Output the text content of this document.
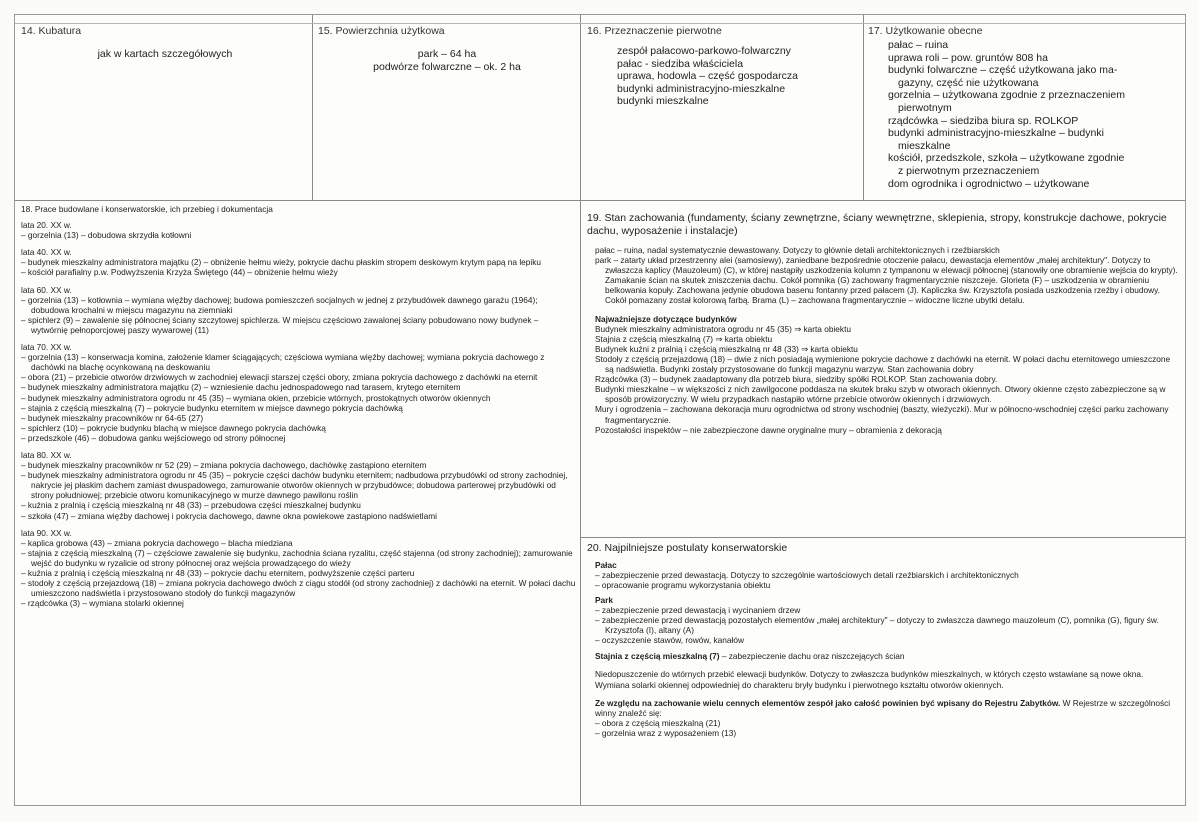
14. Kubatura
jak w kartach szczegółowych
15. Powierzchnia użytkowa
park – 64 ha
podwórze folwarczne – ok. 2 ha
16. Przeznaczenie pierwotne
zespół pałacowo-parkowo-folwarczny
pałac - siedziba właściciela
uprawa, hodowla – część gospodarcza
budynki administracyjno-mieszkalne
budynki mieszkalne
17. Użytkowanie obecne
pałac – ruina
uprawa roli – pow. gruntów 808 ha
budynki folwarczne – część użytkowana jako ma-
gazyny, część nie użytkowana
gorzelnia – użytkowana zgodnie z przeznaczeniem
pierwotnym
rządcówka – siedziba biura sp. ROLKOP
budynki administracyjno-mieszkalne – budynki
mieszkalne
kościół, przedszkole, szkoła – użytkowane zgodnie
z pierwotnym przeznaczeniem
dom ogrodnika i ogrodnictwo – użytkowane
18. Prace budowlane i konserwatorskie, ich przebieg i dokumentacja
lata 20. XX w.

– gorzelnia (13) – dobudowa skrzydła kotłowni

lata 40. XX w.

– budynek mieszkalny administratora majątku (2) – obniżenie hełmu wieży, pokrycie dachu płaskim stropem deskowym krytym papą na lepiku

– kościół parafialny p.w. Podwyższenia Krzyża Świętego (44) – obniżenie hełmu wieży

lata 60. XX w.

– gorzelnia (13) – kotłownia – wymiana więźby dachowej; budowa pomieszczeń socjalnych w jednej z przybudówek dawnego garażu (1964); dobudowa krochalni w miejscu magazynu na ziemniaki

– spichlerz (9) – zawalenie się północnej ściany szczytowej spichlerza. W miejscu częściowo zawalonej ściany pobudowano nowy budynek – wytwórnię pełnoporcjowej paszy wywarowej (11)

lata 70. XX w.

– gorzelnia (13) – konserwacja komina, założenie klamer ściągających; częściowa wymiana więźby dachowej; wymiana pokrycia dachowego z dachówki na blachę ocynkowaną na deskowaniu

– obora (21) – przebicie otworów drzwiowych w zachodniej elewacji starszej części obory, zmiana pokrycia dachowego z dachówki na eternit

– budynek mieszkalny administratora majątku (2) – wzniesienie dachu jednospadowego nad tarasem, krytego eternitem

– budynek mieszkalny administratora ogrodu nr 45 (35) – wymiana okien, przebicie wtórnych, prostokątnych otworów okiennych

– stajnia z częścią mieszkalną (7) – pokrycie budynku eternitem w miejsce dawnego pokrycia dachówką

– budynek mieszkalny pracowników nr 64-65 (27)

– spichlerz (10) – pokrycie budynku blachą w miejsce dawnego pokrycia dachówką

– przedszkole (46) – dobudowa ganku wejściowego od strony północnej

lata 80. XX w.

– budynek mieszkalny pracowników nr 52 (29) – zmiana pokrycia dachowego, dachówkę zastąpiono eternitem

– budynek mieszkalny administratora ogrodu nr 45 (35) – pokrycie części dachów budynku eternitem; nadbudowa przybudówki od strony zachodniej, nakrycie jej płaskim dachem zamiast dwuspadowego, zamurowanie otworów okiennych w przybudówce; dobudowa parterowej przybudówki od strony południowej; przebicie otworu komunikacyjnego w murze dawnego pawilonu roślin

– kuźnia z pralnią i częścią mieszkalną nr 48 (33) – przebudowa części mieszkalnej budynku

– szkoła (47) – zmiana więźby dachowej i pokrycia dachowego, dawne okna powiekowe zastąpiono nadświetlami

lata 90. XX w.

– kaplica grobowa (43) – zmiana pokrycia dachowego – blacha miedziana

– stajnia z częścią mieszkalną (7) – częściowe zawalenie się budynku, zachodnia ściana ryzalitu, część stajenna (od strony zachodniej); zamurowanie wejść do budynku w ryzalicie od strony północnej oraz wejścia prowadzącego do wieży

– kuźnia z pralnią i częścią mieszkalną nr 48 (33) – pokrycie dachu eternitem, podwyższenie części parteru

– stodoły z częścią przejazdową (18) – zmiana pokrycia dachowego dwóch z ciągu stodół (od strony zachodniej) z dachówki na eternit. W połaci dachu umieszczono nadświetla i przystosowano stodoły do funkcji magazynów

– rządcówka (3) – wymiana stolarki okiennej

19. Stan zachowania (fundamenty, ściany zewnętrzne, ściany wewnętrzne, sklepienia, stropy, konstrukcje dachowe, pokrycie dachu, wyposażenie i instalacje)

pałac – ruina, nadal systematycznie dewastowany. Dotyczy to głównie detali architektonicznych i rzeźbiarskich

park – zatarty układ przestrzenny alei (samosiewy), zaniedbane bezpośrednie otoczenie pałacu, dewastacja elementów „małej architektury". Dotyczy to zwłaszcza kaplicy (Mauzoleum) (C), w której nastąpiły uszkodzenia kolumn z tympanonu w elewacji północnej (stanowiły one obramienie wejścia do krypty). Zamakanie ścian na skutek zniszczenia dachu. Cokół pomnika (G) zachowany fragmentarycznie niszczeje. Glorieta (F) – uszkodzenia w obramieniu belkowania kopuły. Zachowana jedynie obudowa basenu fontanny przed pałacem (J). Kapliczka św. Krzysztofa posiada uszkodzenia rzeźby i obudowy. Cokół pomazany został kolorową farbą. Brama (L) – zachowana fragmentarycznie – widoczne liczne ubytki detalu.

Najważniejsze dotyczące budynków

Budynek mieszkalny administratora ogrodu nr 45 (35) ⇒ karta obiektu

Stajnia z częścią mieszkalną (7) ⇒ karta obiektu

Budynek kuźni z pralnią i częścią mieszkalną nr 48 (33) ⇒ karta obiektu

Stodoły z częścią przejazdową (18) – dwie z nich posiadają wymienione pokrycie dachowe z dachówki na eternit. W połaci dachu eternitowego umieszczone są nadświetla. Budynki zostały przystosowane do funkcji magazynu warzyw. Stan zachowania dobry

Rządcówka (3) – budynek zaadaptowany dla potrzeb biura, siedziby spółki ROLKOP. Stan zachowania dobry.

Budynki mieszkalne – w większości z nich zawilgocone poddasza na skutek braku szyb w otworach okiennych. Otwory okienne często zabezpieczone są w sposób prowizoryczny. W wielu przypadkach nastąpiło wtórne przebicie otworów okiennych i drzwiowych.

Mury i ogrodzenia – zachowana dekoracja muru ogrodnictwa od strony wschodniej (baszty, wieżyczki). Mur w północno-wschodniej części parku zachowany fragmentarycznie.

Pozostałości inspektów – nie zabezpieczone dawne oryginalne mury – obramienia z dekoracją

20. Najpilniejsze postulaty konserwatorskie
Pałac

– zabezpieczenie przed dewastacją. Dotyczy to szczególnie wartościowych detali rzeźbiarskich i architektonicznych

– opracowanie programu wykorzystania obiektu

Park

– zabezpieczenie przed dewastacją i wycinaniem drzew

– zabezpieczenie przed dewastacją pozostałych elementów „małej architektury" – dotyczy to zwłaszcza dawnego mauzoleum (C), pomnika (G), figury św. Krzysztofa (I), altany (A)

– oczyszczenie stawów, rowów, kanałów

Stajnia z częścią mieszkalną (7) – zabezpieczenie dachu oraz niszczejących ścian

Niedopuszczenie do wtórnych przebić elewacji budynków. Dotyczy to zwłaszcza budynków mieszkalnych, w których często wstawiane są nowe okna. Wymiana solarki okiennej odpowiedniej do charakteru bryły budynku i pierwotnego kształtu otworów okiennych.

Ze względu na zachowanie wielu cennych elementów zespół jako całość powinien być wpisany do Rejestru Zabytków. W Rejestrze w szczególności winny znaleźć się:

– obora z częścią mieszkalną (21)

– gorzelnia wraz z wyposażeniem (13)
